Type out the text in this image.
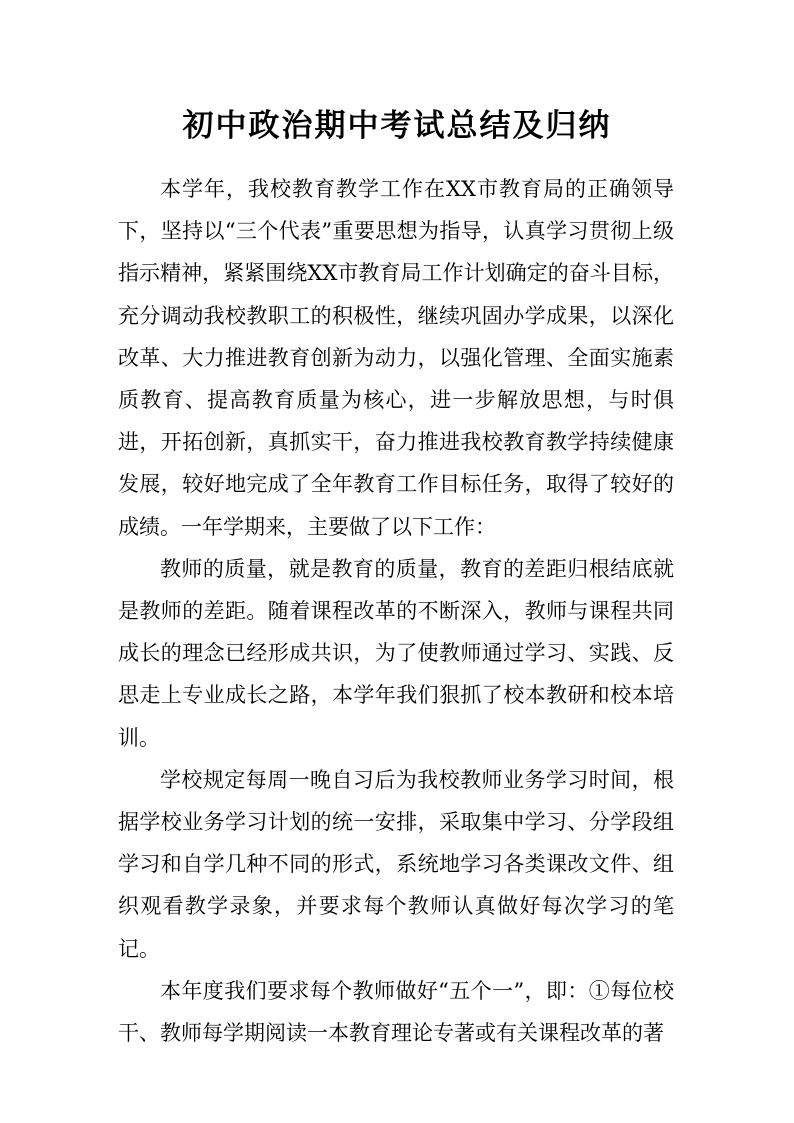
初中政治期中考试总结及归纳

本学年，我校教育教学工作在XX市教育局的正确领导下，坚持以“三个代表”重要思想为指导，认真学习贯彻上级指示精神，紧紧围绕XX市教育局工作计划确定的奋斗目标，充分调动我校教职工的积极性，继续巩固办学成果，以深化改革、大力推进教育创新为动力，以强化管理、全面实施素质教育、提高教育质量为核心，进一步解放思想，与时俱进，开拓创新，真抓实干，奋力推进我校教育教学持续健康发展，较好地完成了全年教育工作目标任务，取得了较好的成绩。一年学期来，主要做了以下工作：

教师的质量，就是教育的质量，教育的差距归根结底就是教师的差距。随着课程改革的不断深入，教师与课程共同成长的理念已经形成共识，为了使教师通过学习、实践、反思走上专业成长之路，本学年我们狠抓了校本教研和校本培训。

学校规定每周一晚自习后为我校教师业务学习时间，根据学校业务学习计划的统一安排，采取集中学习、分学段组学习和自学几种不同的形式，系统地学习各类课改文件、组织观看教学录象，并要求每个教师认真做好每次学习的笔记。

本年度我们要求每个教师做好“五个一”，即：①每位校干、教师每学期阅读一本教育理论专著或有关课程改革的著
